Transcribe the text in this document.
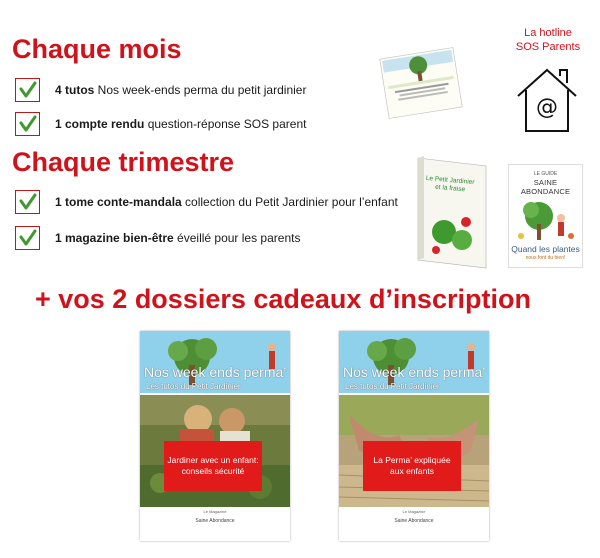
Chaque mois
4 tutos Nos week-ends perma du petit jardinier
1 compte rendu question-réponse SOS parent
Chaque trimestre
1 tome conte-mandala collection du Petit Jardinier pour l’enfant
1 magazine bien-être éveillé pour les parents
+ vos 2 dossiers cadeaux d’inscription
La hotline
SOS Parents
@
Le Petit Jardinier
et la fraise
LE GUIDE
SAINE ABONDANCE
Quand les plantes
nous font du bien!
Nos week ends perma’
Les tutos du Petit Jardinier
Jardiner avec un enfant: conseils sécurité
Le Magazine
Saine Abondance
Nos week ends perma’
Les tutos du Petit Jardinier
La Perma’ expliquée aux enfants
Le Magazine
Saine Abondance
